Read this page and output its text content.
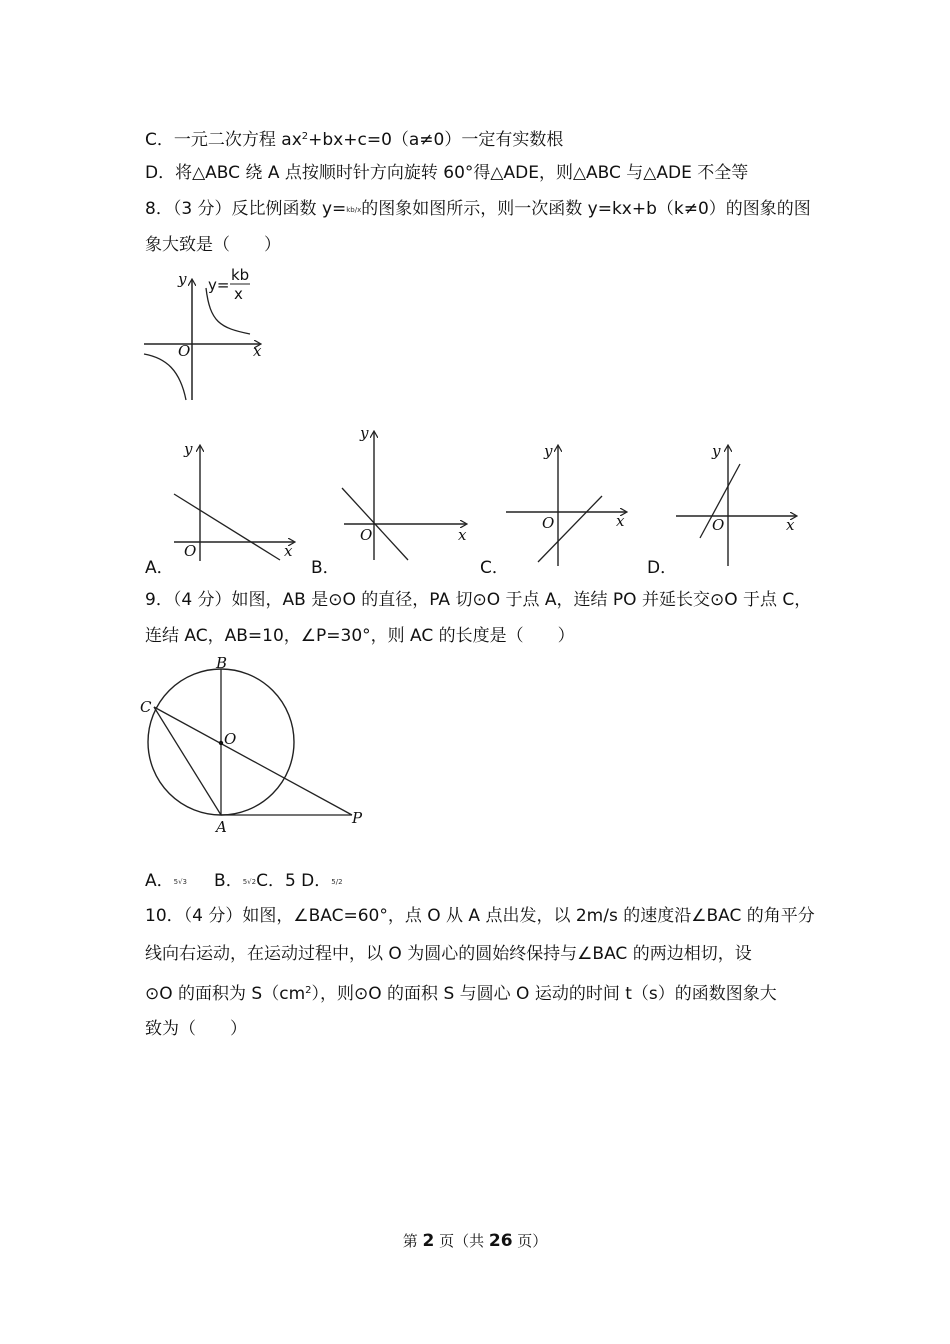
C．一元二次方程 $ax^2+bx+c=0(a\ne 0)$一定有实数根
D．将△ABC 绕 A 点按顺时针方向旋转 60°得△ADE，则△ABC 与△ADE 不全等
8．（3 分）反比例函数 y=kb/x的图象如图所示，则一次函数 y=kx+b（k≠0）的图象的图
象大致是（　　）
O	x
y y=
kb
x
A．
O	x
y
B．
O	x
y
C．
O	x
y
D．
O	x
y
9．（4 分）如图，AB 是⊙O 的直径，PA 切⊙O 于点 A，连结 PO 并延长交⊙O 于点 C，
连结 AC，AB=10，∠P=30°，则 AC 的长度是（　　）
B
C
O
A	P
A．5√3 B．5√2C．5 D．5/2
10．（4 分）如图，∠BAC=60°，点 O 从 A 点出发，以 2m/s 的速度沿∠BAC 的角平分
线向右运动，在运动过程中，以 O 为圆心的圆始终保持与∠BAC 的两边相切，设
⊙O 的面积为 $S(cm^2)$，则⊙O 的面积 S 与圆心 O 运动的时间 t（s）的函数图象大
致为（　　）
第 2 页（共 26 页）
